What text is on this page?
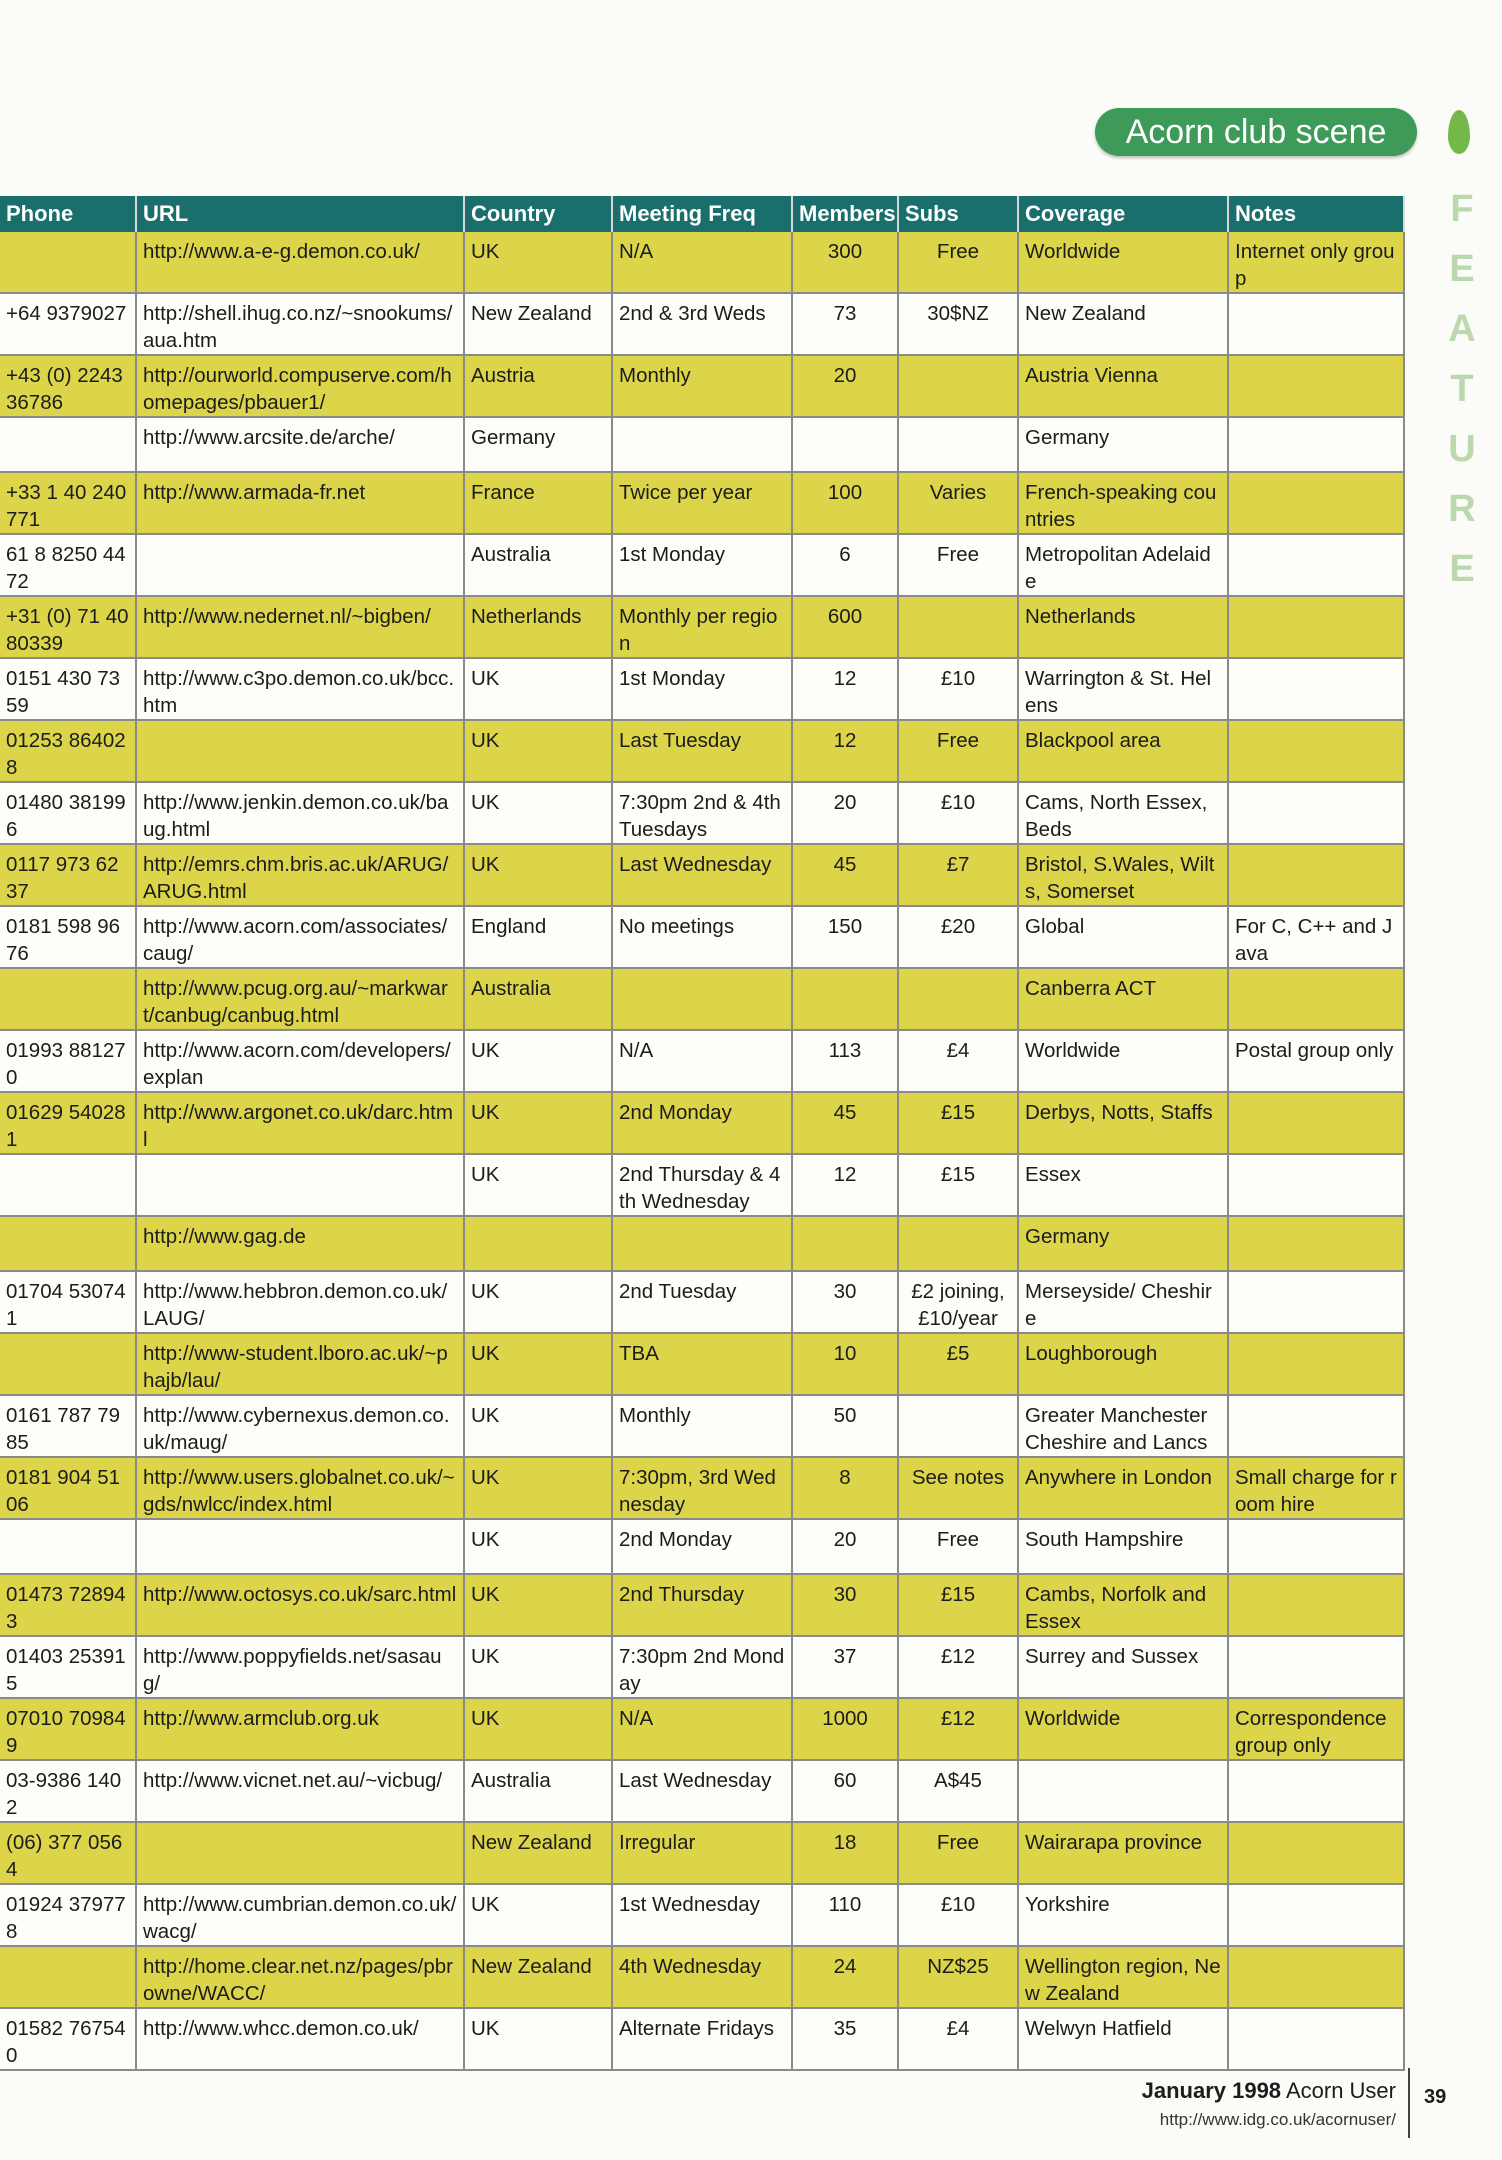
Acorn club scene
F
E
A
T
U
R
E
Phone	URL	Country	Meeting Freq	Members	Subs	Coverage	Notes
	http://www.a-e-g.demon.co.uk/	UK	N/A	300	Free	Worldwide	Internet only group
+64 9379027	http://shell.ihug.co.nz/~snookums/aua.htm	New Zealand	2nd & 3rd Weds	73	30$NZ	New Zealand	
+43 (0) 224336786	http://ourworld.compuserve.com/homepages/pbauer1/	Austria	Monthly	20		Austria Vienna	
	http://www.arcsite.de/arche/	Germany				Germany	
+33 1 40 240771	http://www.armada-fr.net	France	Twice per year	100	Varies	French-speaking countries	
61 8 8250 4472		Australia	1st Monday	6	Free	Metropolitan Adelaide	
+31 (0) 71 4080339	http://www.nedernet.nl/~bigben/	Netherlands	Monthly per region	600		Netherlands	
0151 430 7359	http://www.c3po.demon.co.uk/bcc.htm	UK	1st Monday	12	£10	Warrington & St. Helens	
01253 864028		UK	Last Tuesday	12	Free	Blackpool area	
01480 381996	http://www.jenkin.demon.co.uk/baug.html	UK	7:30pm 2nd & 4th Tuesdays	20	£10	Cams, North Essex, Beds	
0117 973 6237	http://emrs.chm.bris.ac.uk/ARUG/ARUG.html	UK	Last Wednesday	45	£7	Bristol, S.Wales, Wilts, Somerset	
0181 598 9676	http://www.acorn.com/associates/caug/	England	No meetings	150	£20	Global	For C, C++ and Java
	http://www.pcug.org.au/~markwart/canbug/canbug.html	Australia				Canberra ACT	
01993 881270	http://www.acorn.com/developers/explan	UK	N/A	113	£4	Worldwide	Postal group only
01629 540281	http://www.argonet.co.uk/darc.html	UK	2nd Monday	45	£15	Derbys, Notts, Staffs	
		UK	2nd Thursday & 4th Wednesday	12	£15	Essex	
	http://www.gag.de					Germany	
01704 530741	http://www.hebbron.demon.co.uk/LAUG/	UK	2nd Tuesday	30	£2 joining, £10/year	Merseyside/ Cheshire	
	http://www-student.lboro.ac.uk/~phajb/lau/	UK	TBA	10	£5	Loughborough	
0161 787 7985	http://www.cybernexus.demon.co.uk/maug/	UK	Monthly	50		Greater Manchester Cheshire and Lancs	
0181 904 5106	http://www.users.globalnet.co.uk/~gds/nwlcc/index.html	UK	7:30pm, 3rd Wednesday	8	See notes	Anywhere in London	Small charge for room hire
		UK	2nd Monday	20	Free	South Hampshire	
01473 728943	http://www.octosys.co.uk/sarc.html	UK	2nd Thursday	30	£15	Cambs, Norfolk and Essex	
01403 253915	http://www.poppyfields.net/sasaug/	UK	7:30pm 2nd Monday	37	£12	Surrey and Sussex	
07010 709849	http://www.armclub.org.uk	UK	N/A	1000	£12	Worldwide	Correspondence group only
03-9386 1402	http://www.vicnet.net.au/~vicbug/	Australia	Last Wednesday	60	A$45		
(06) 377 0564		New Zealand	Irregular	18	Free	Wairarapa province	
01924 379778	http://www.cumbrian.demon.co.uk/wacg/	UK	1st Wednesday	110	£10	Yorkshire	
	http://home.clear.net.nz/pages/pbrowne/WACC/	New Zealand	4th Wednesday	24	NZ$25	Wellington region, New Zealand	
01582 767540	http://www.whcc.demon.co.uk/	UK	Alternate Fridays	35	£4	Welwyn Hatfield	
January 1998 Acorn User
http://www.idg.co.uk/acornuser/
39
